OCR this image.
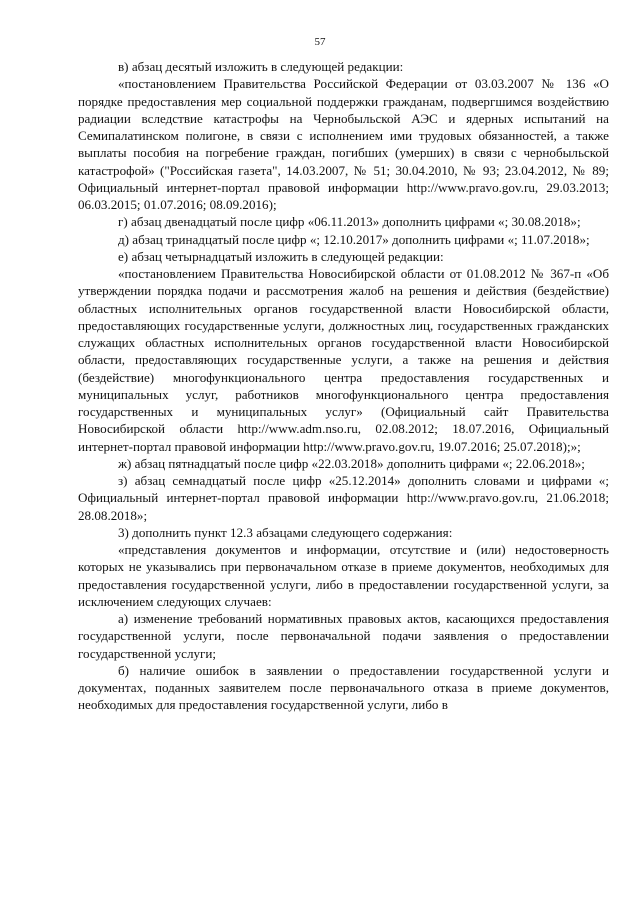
57

в) абзац десятый изложить в следующей редакции:

«постановлением Правительства Российской Федерации от 03.03.2007 № 136 «О порядке предоставления мер социальной поддержки гражданам, подвергшимся воздействию радиации вследствие катастрофы на Чернобыльской АЭС и ядерных испытаний на Семипалатинском полигоне, в связи с исполнением ими трудовых обязанностей, а также выплаты пособия на погребение граждан, погибших (умерших) в связи с чернобыльской катастрофой» ("Российская газета", 14.03.2007, № 51; 30.04.2010, № 93; 23.04.2012, № 89; Официальный интернет-портал правовой информации http://www.pravo.gov.ru, 29.03.2013; 06.03.2015; 01.07.2016; 08.09.2016);

г) абзац двенадцатый после цифр «06.11.2013» дополнить цифрами «; 30.08.2018»;

д) абзац тринадцатый после цифр «; 12.10.2017» дополнить цифрами «; 11.07.2018»;

е) абзац четырнадцатый изложить в следующей редакции:

«постановлением Правительства Новосибирской области от 01.08.2012 № 367-п «Об утверждении порядка подачи и рассмотрения жалоб на решения и действия (бездействие) областных исполнительных органов государственной власти Новосибирской области, предоставляющих государственные услуги, должностных лиц, государственных гражданских служащих областных исполнительных органов государственной власти Новосибирской области, предоставляющих государственные услуги, а также на решения и действия (бездействие) многофункционального центра предоставления государственных и муниципальных услуг, работников многофункционального центра предоставления государственных и муниципальных услуг» (Официальный сайт Правительства Новосибирской области http://www.adm.nso.ru, 02.08.2012; 18.07.2016, Официальный интернет-портал правовой информации http://www.pravo.gov.ru, 19.07.2016; 25.07.2018);»;

ж) абзац пятнадцатый после цифр «22.03.2018» дополнить цифрами «; 22.06.2018»;

з) абзац семнадцатый после цифр «25.12.2014» дополнить словами и цифрами «; Официальный интернет-портал правовой информации http://www.pravo.gov.ru, 21.06.2018; 28.08.2018»;

3) дополнить пункт 12.3 абзацами следующего содержания:

«представления документов и информации, отсутствие и (или) недостоверность которых не указывались при первоначальном отказе в приеме документов, необходимых для предоставления государственной услуги, либо в предоставлении государственной услуги, за исключением следующих случаев:

а) изменение требований нормативных правовых актов, касающихся предоставления государственной услуги, после первоначальной подачи заявления о предоставлении государственной услуги;

б) наличие ошибок в заявлении о предоставлении государственной услуги и документах, поданных заявителем после первоначального отказа в приеме документов, необходимых для предоставления государственной услуги, либо в
